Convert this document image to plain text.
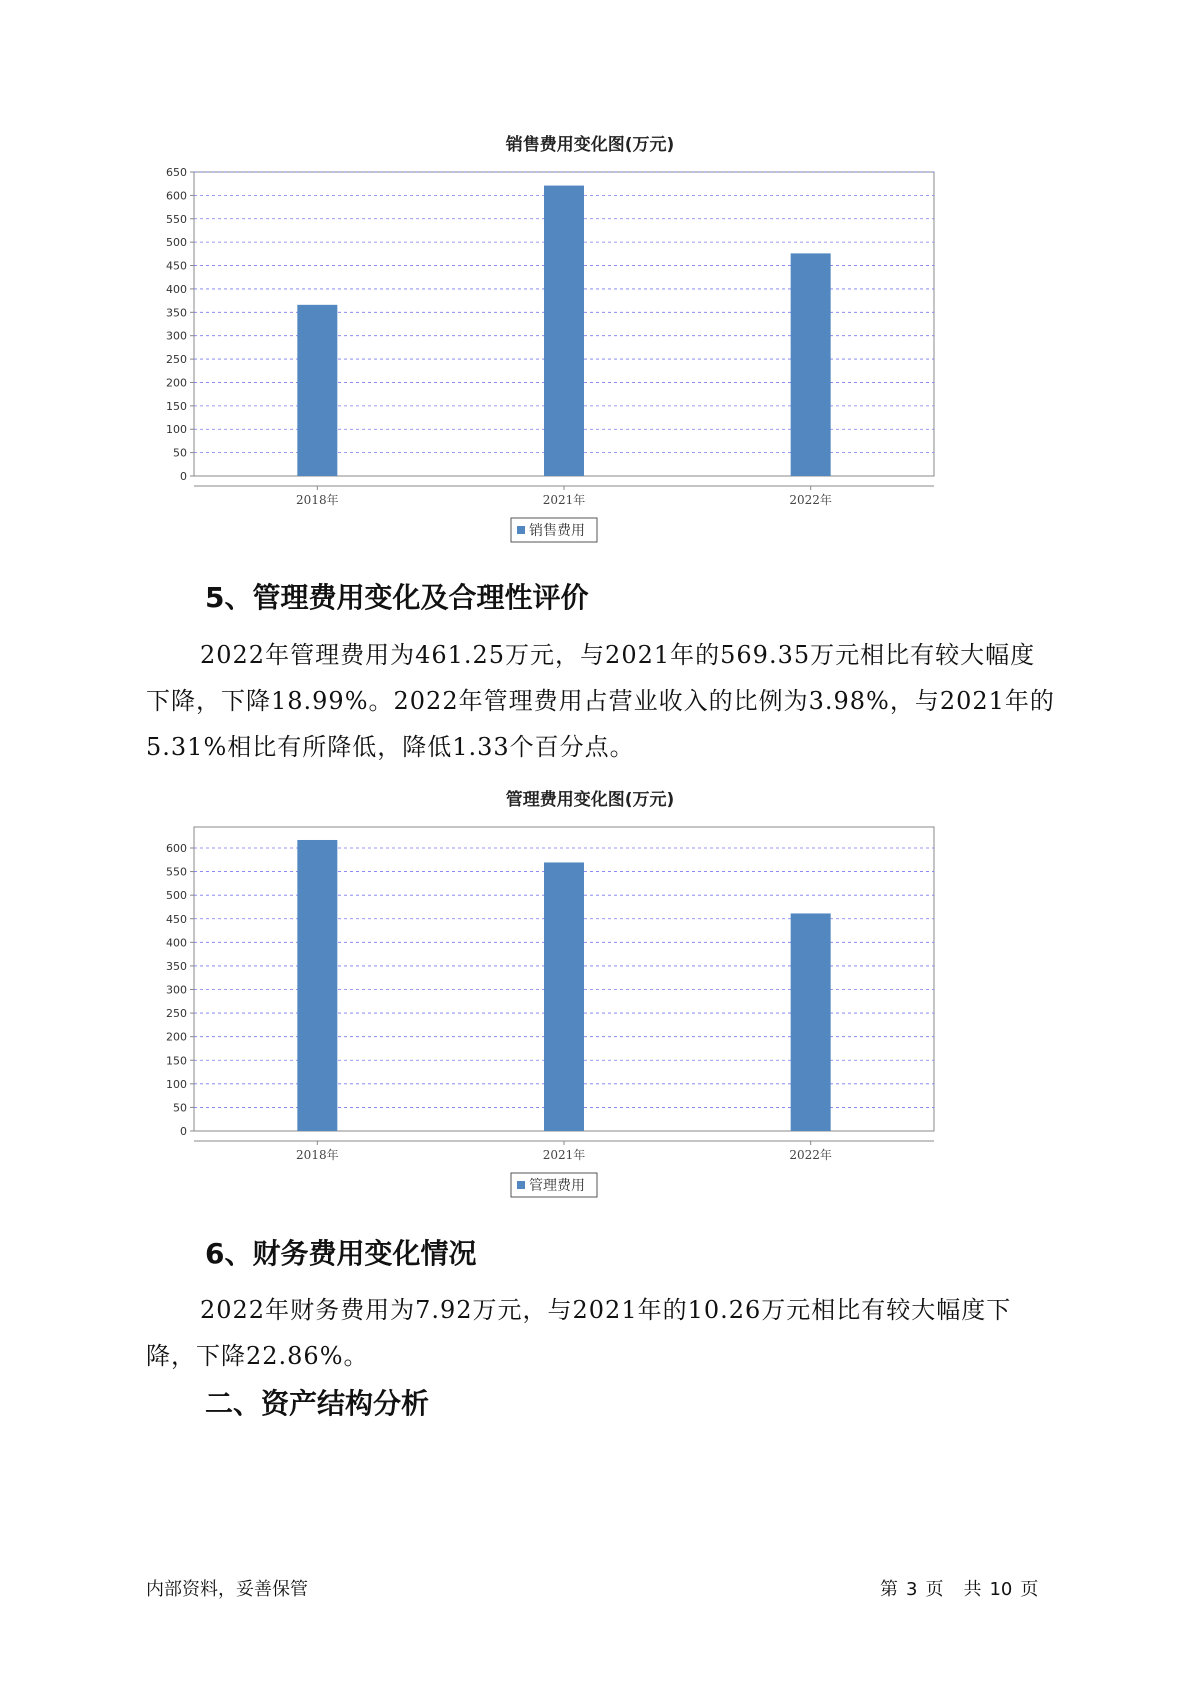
销售费用变化图(万元)
0
50
100
150
200
250
300
350
400
450
500
550
600
650
2018年	2021年	2022年
销售费用
5、管理费用变化及合理性评价

2022年管理费用为461.25万元，与2021年的569.35万元相比有较大幅度下降，下降18.99%。2022年管理费用占营业收入的比例为3.98%，与2021年的5.31%相比有所降低，降低1.33个百分点。

管理费用变化图(万元)
0
50
100
150
200
250
300
350
400
450
500
550
600
2018年	2021年	2022年
管理费用
6、财务费用变化情况

2022年财务费用为7.92万元，与2021年的10.26万元相比有较大幅度下降，下降22.86%。

二、资产结构分析
内部资料，妥善保管	第 3 页 共 10 页
